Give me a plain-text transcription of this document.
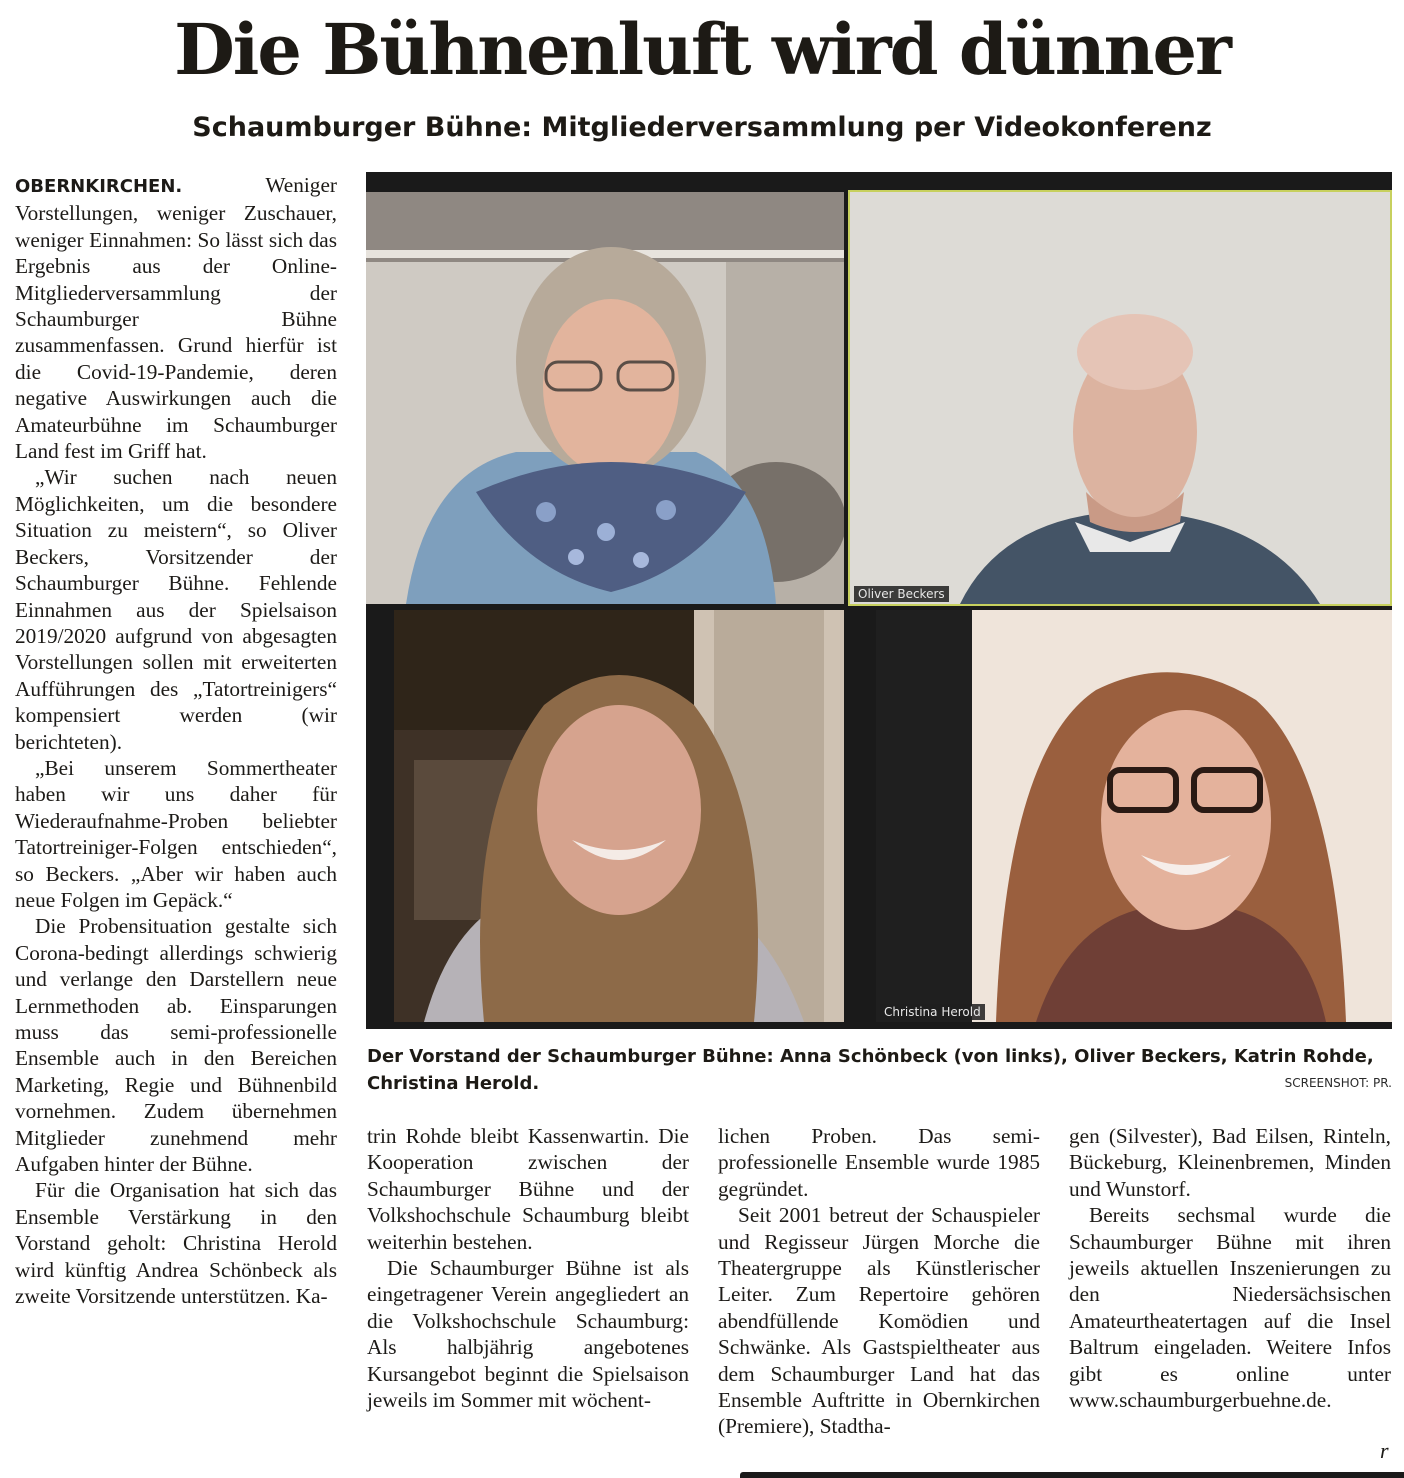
Die Bühnenluft wird dünner
Schaumburger Bühne: Mitgliederversammlung per Videokonferenz

OBERNKIRCHEN. Weniger Vorstellungen, weniger Zuschauer, weniger Einnahmen: So lässt sich das Ergebnis aus der Online-Mitgliederversammlung der Schaumburger Bühne zusammenfassen. Grund hierfür ist die Covid-19-Pandemie, deren negative Auswirkungen auch die Amateurbühne im Schaumburger Land fest im Griff hat.

„Wir suchen nach neuen Möglichkeiten, um die besondere Situation zu meistern“, so Oliver Beckers, Vorsitzender der Schaumburger Bühne. Fehlende Einnahmen aus der Spielsaison 2019/2020 aufgrund von abgesagten Vorstellungen sollen mit erweiterten Aufführungen des „Tatortreinigers“ kompensiert werden (wir berichteten).

„Bei unserem Sommertheater haben wir uns daher für Wiederaufnahme-Proben beliebter Tatortreiniger-Folgen entschieden“, so Beckers. „Aber wir haben auch neue Folgen im Gepäck.“

Die Probensituation gestalte sich Corona-bedingt allerdings schwierig und verlange den Darstellern neue Lernmethoden ab. Einsparungen muss das semi-professionelle Ensemble auch in den Bereichen Marketing, Regie und Bühnenbild vornehmen. Zudem übernehmen Mitglieder zunehmend mehr Aufgaben hinter der Bühne.

Für die Organisation hat sich das Ensemble Verstärkung in den Vorstand geholt: Christina Herold wird künftig Andrea Schönbeck als zweite Vorsitzende unterstützen. Ka-

Oliver Beckers
Christina Herold

Der Vorstand der Schaumburger Bühne: Anna Schönbeck (von links), Oliver Beckers, Katrin Rohde, Christina Herold.	SCREENSHOT: PR.

trin Rohde bleibt Kassenwartin. Die Kooperation zwischen der Schaumburger Bühne und der Volkshochschule Schaumburg bleibt weiterhin bestehen.

Die Schaumburger Bühne ist als eingetragener Verein angegliedert an die Volkshochschule Schaumburg: Als halbjährig angebotenes Kursangebot beginnt die Spielsaison jeweils im Sommer mit wöchent-

lichen Proben. Das semi-professionelle Ensemble wurde 1985 gegründet.

Seit 2001 betreut der Schauspieler und Regisseur Jürgen Morche die Theatergruppe als Künstlerischer Leiter. Zum Repertoire gehören abendfüllende Komödien und Schwänke. Als Gastspieltheater aus dem Schaumburger Land hat das Ensemble Auftritte in Obernkirchen (Premiere), Stadtha-

gen (Silvester), Bad Eilsen, Rinteln, Bückeburg, Kleinenbremen, Minden und Wunstorf.

Bereits sechsmal wurde die Schaumburger Bühne mit ihren jeweils aktuellen Inszenierungen zu den Niedersächsischen Amateurtheatertagen auf die Insel Baltrum eingeladen. Weitere Infos gibt es online unter www.schaumburgerbuehne.de.

r
